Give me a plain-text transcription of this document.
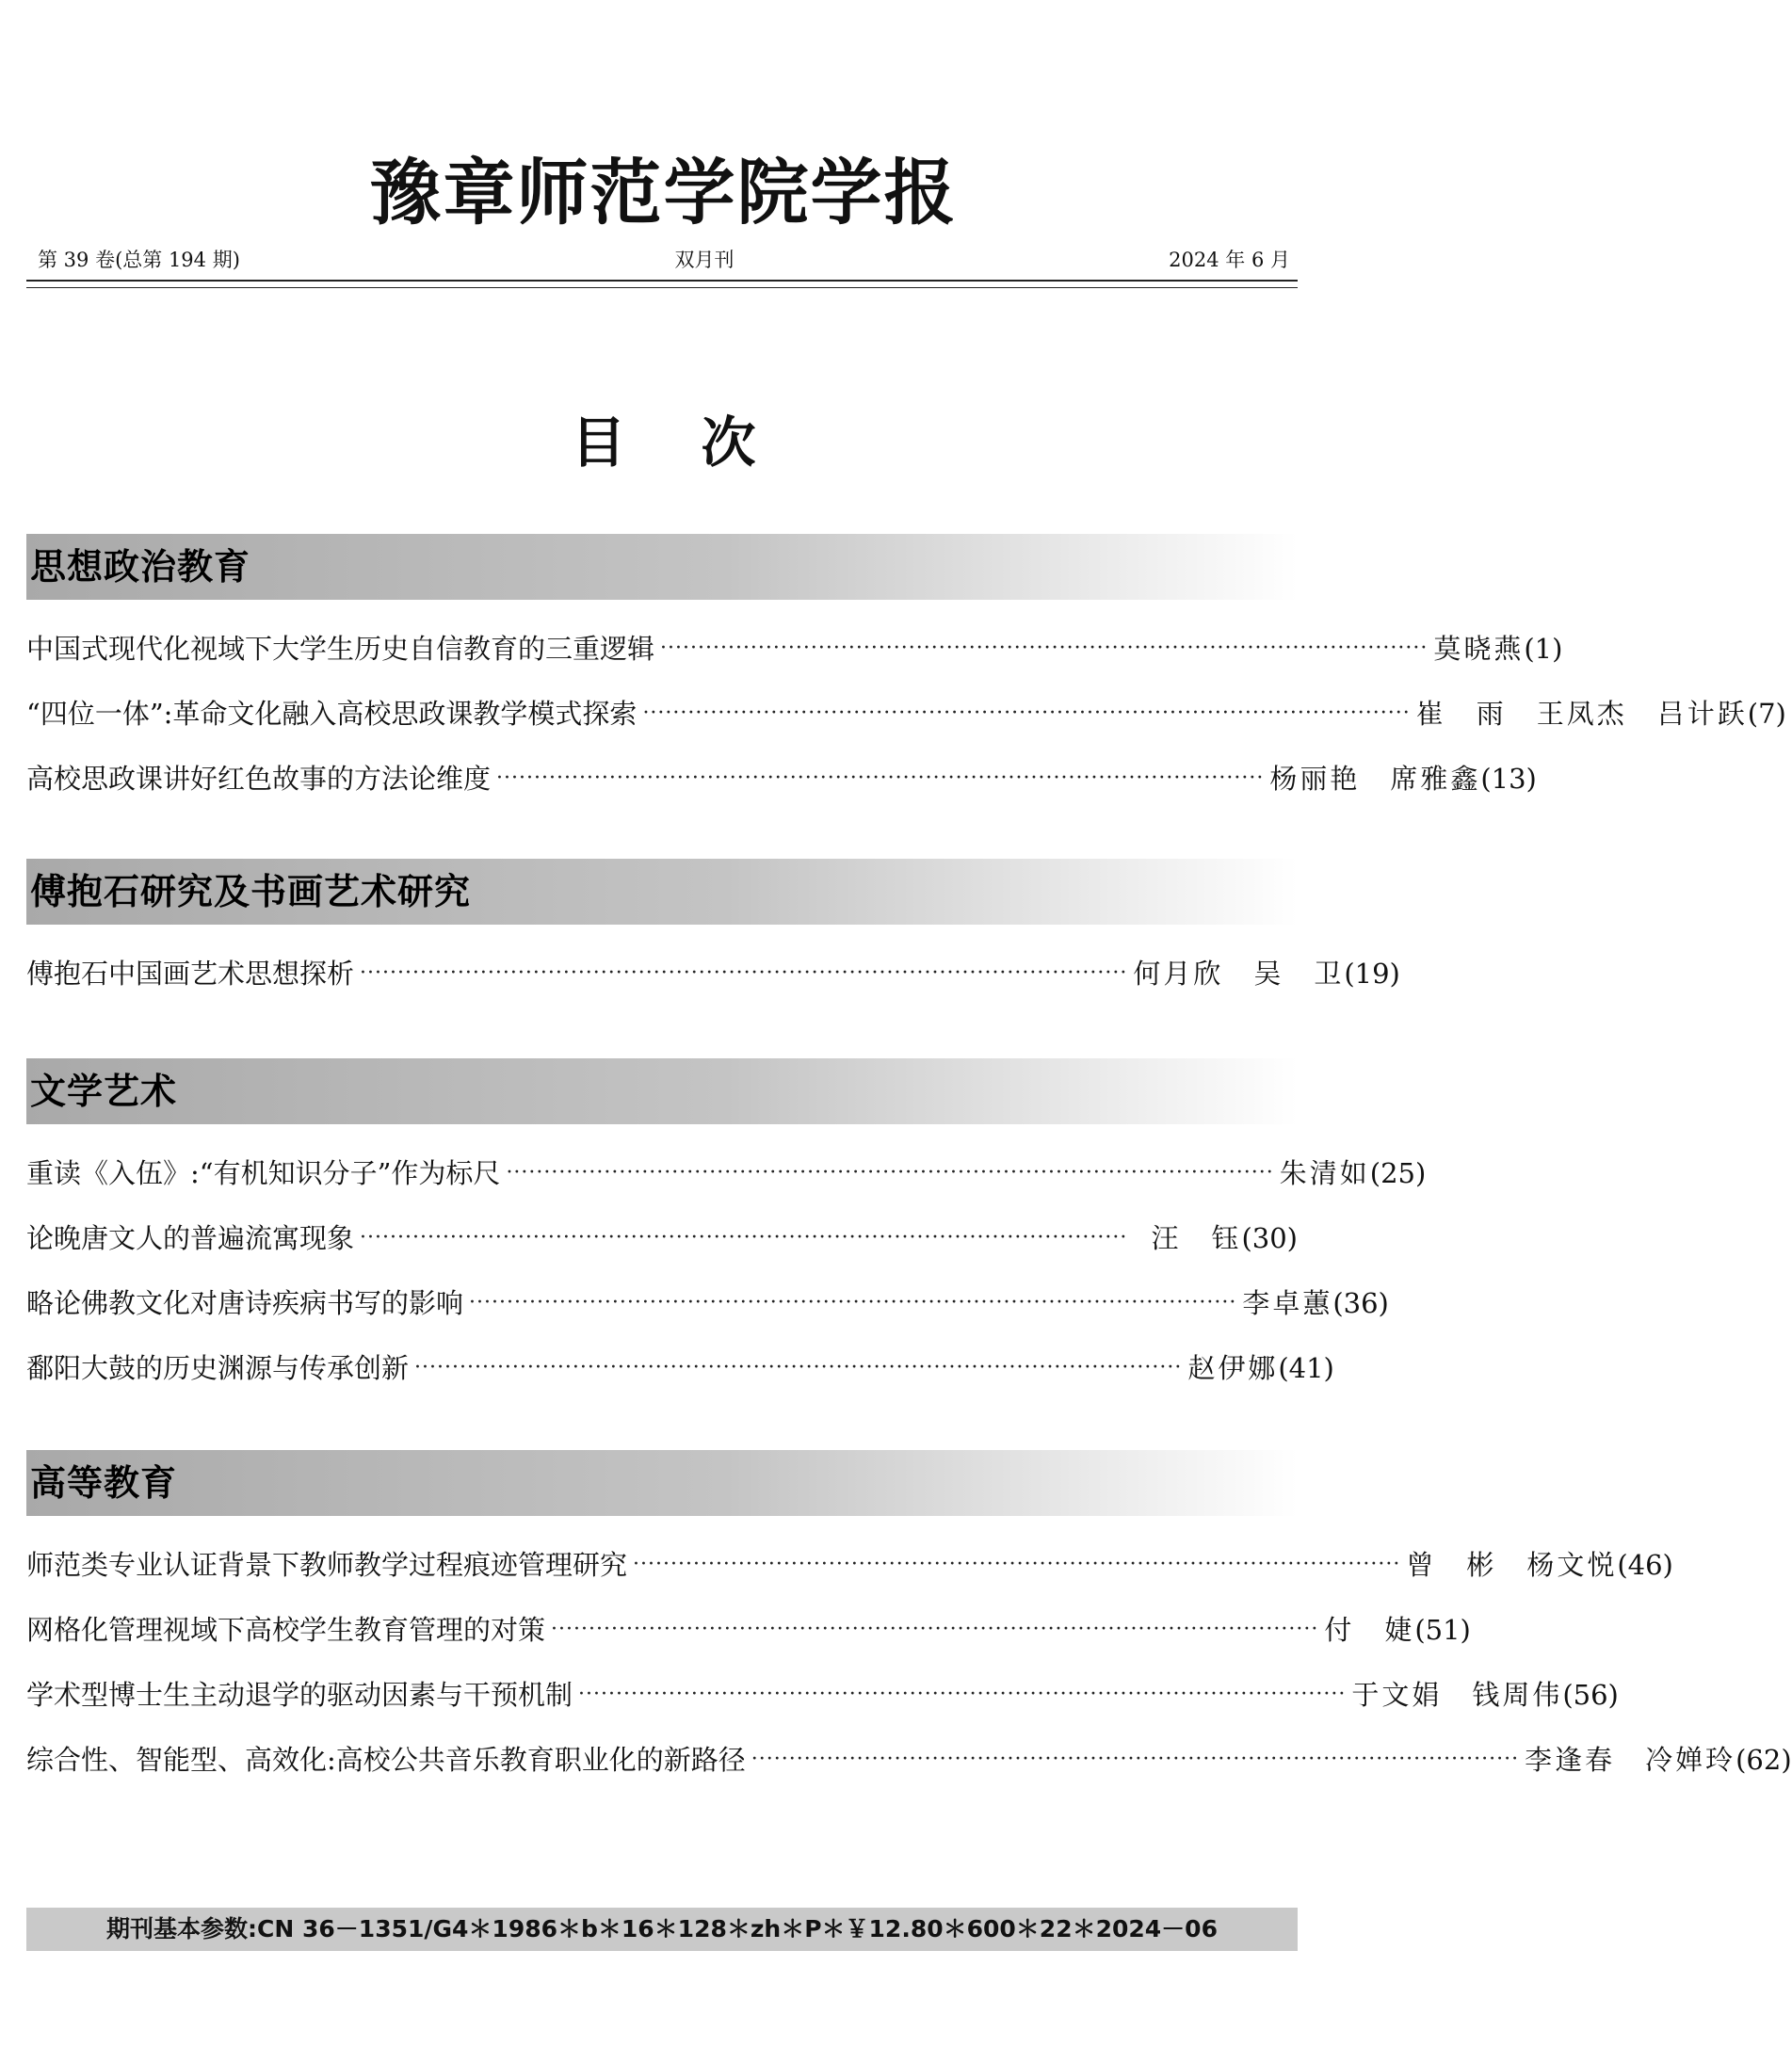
豫章师范学院学报
第 39 卷(总第 194 期)	双月刊	2024 年 6 月
目 次
思想政治教育
中国式现代化视域下大学生历史自信教育的三重逻辑 ······································································································ 莫晓燕 (1)
“四位一体”:革命文化融入高校思政课教学模式探索 ······································································································ 崔　雨　王凤杰　吕计跃 (7)
高校思政课讲好红色故事的方法论维度 ······································································································ 杨丽艳　席雅鑫 (13)
傅抱石研究及书画艺术研究
傅抱石中国画艺术思想探析 ······································································································ 何月欣　吴　卫 (19)
文学艺术
重读《入伍》:“有机知识分子”作为标尺 ······································································································ 朱清如 (25)
论晚唐文人的普遍流寓现象 ······································································································ 汪　钰 (30)
略论佛教文化对唐诗疾病书写的影响 ······································································································ 李卓蕙 (36)
鄱阳大鼓的历史渊源与传承创新 ······································································································ 赵伊娜 (41)
高等教育
师范类专业认证背景下教师教学过程痕迹管理研究 ······································································································ 曾　彬　杨文悦 (46)
网格化管理视域下高校学生教育管理的对策 ······································································································ 付　婕 (51)
学术型博士生主动退学的驱动因素与干预机制 ······································································································ 于文娟　钱周伟 (56)
综合性、智能型、高效化:高校公共音乐教育职业化的新路径 ······································································································ 李逢春　冷婵玲 (62)
期刊基本参数:CN 36－1351/G4＊1986＊b＊16＊128＊zh＊P＊￥12.80＊600＊22＊2024－06
